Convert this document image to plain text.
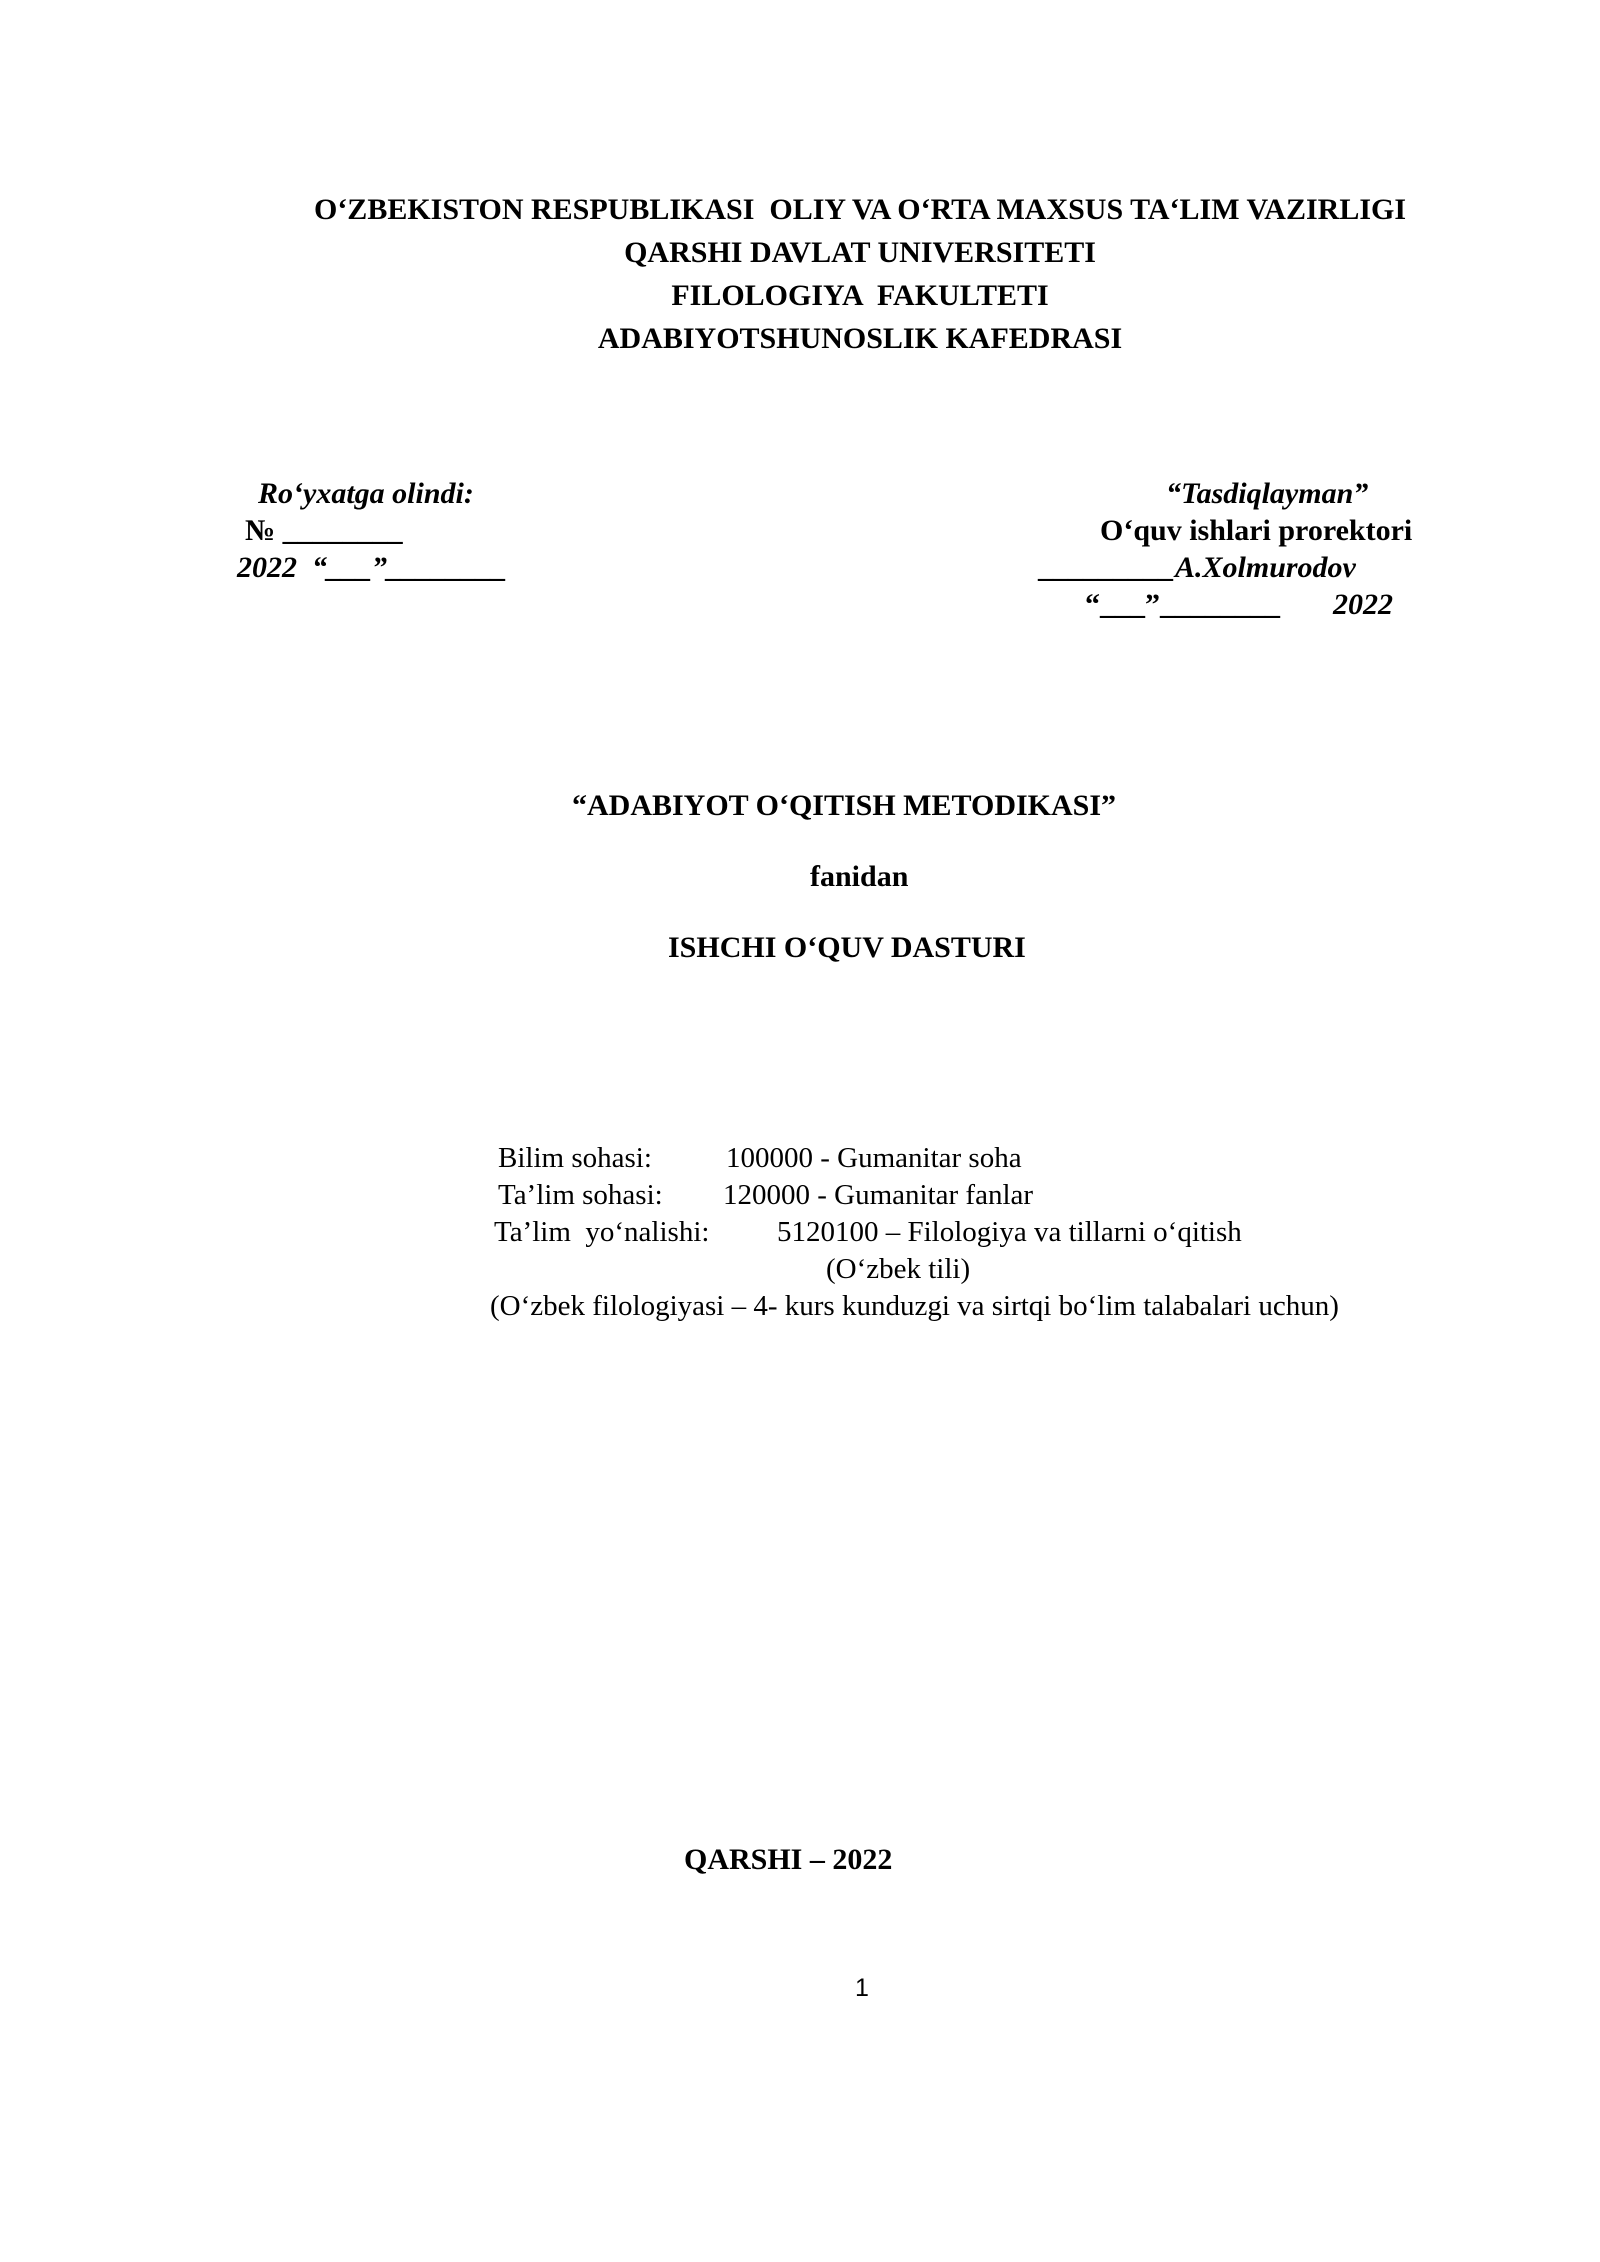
O‘ZBEKISTON RESPUBLIKASI  OLIY VA O‘RTA MAXSUS TA‘LIM VAZIRLIGI
QARSHI DAVLAT UNIVERSITETI
FILOLOGIYA  FAKULTETI
ADABIYOTSHUNOSLIK KAFEDRASI
Ro‘yxatga olindi:
№ ________
2022  “___”________
“Tasdiqlayman”
O‘quv ishlari prorektori
_________A.Xolmurodov
“___”________ 2022
“ADABIYOT O‘QITISH METODIKASI”
fanidan
ISHCHI O‘QUV DASTURI
Bilim sohasi:	100000 - Gumanitar soha
Ta’lim sohasi: 120000 - Gumanitar fanlar
Ta’lim  yo‘nalishi: 5120100 – Filologiya va tillarni o‘qitish
(O‘zbek tili)
(O‘zbek filologiyasi – 4- kurs kunduzgi va sirtqi bo‘lim talabalari uchun)
QARSHI – 2022
1
